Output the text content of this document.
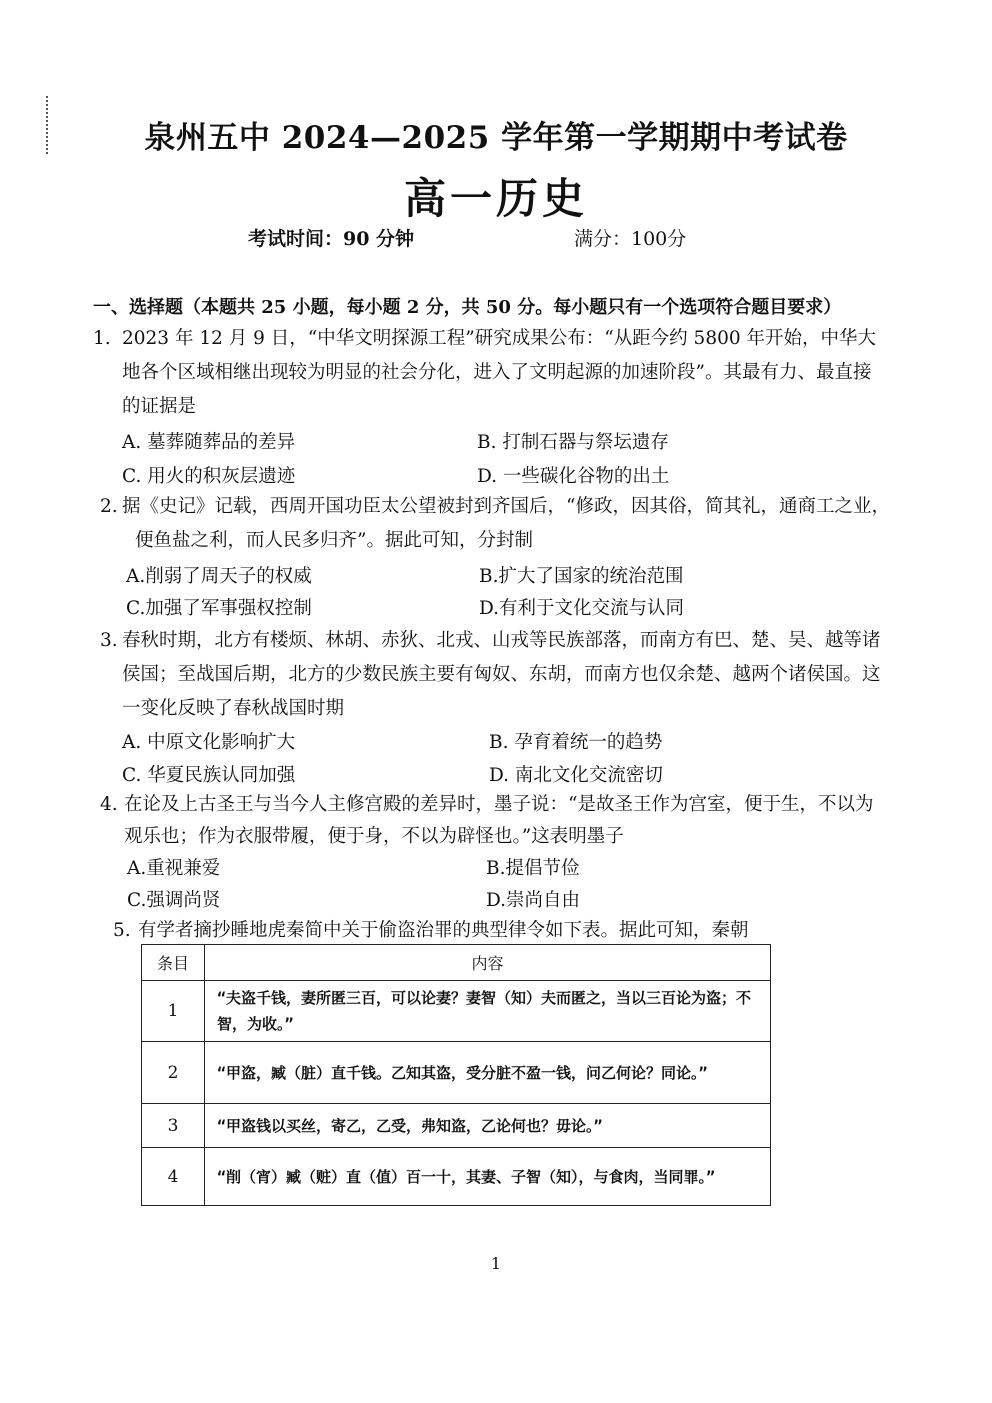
泉州五中 2024—2025 学年第一学期期中考试卷
高一历史
考试时间：90 分钟	满分：100分
一、选择题（本题共 25 小题，每小题 2 分，共 50 分。每小题只有一个选项符合题目要求）
1. 2023 年 12 月 9 日，“中华文明探源工程”研究成果公布：“从距今约 5800 年开始，中华大
地各个区域相继出现较为明显的社会分化，进入了文明起源的加速阶段”。其最有力、最直接
的证据是
A. 墓葬随葬品的差异	B. 打制石器与祭坛遗存
C. 用火的积灰层遗迹	D. 一些碳化谷物的出土
2. 据《史记》记载，西周开国功臣太公望被封到齐国后，“修政，因其俗，简其礼，通商工之业，
便鱼盐之利，而人民多归齐”。据此可知，分封制
A.削弱了周天子的权威	B.扩大了国家的统治范围
C.加强了军事强权控制	D.有利于文化交流与认同
3. 春秋时期，北方有楼烦、林胡、赤狄、北戎、山戎等民族部落，而南方有巴、楚、吴、越等诸
侯国；至战国后期，北方的少数民族主要有匈奴、东胡，而南方也仅余楚、越两个诸侯国。这
一变化反映了春秋战国时期
A. 中原文化影响扩大	B. 孕育着统一的趋势
C. 华夏民族认同加强	D. 南北文化交流密切
4. 在论及上古圣王与当今人主修宫殿的差异时，墨子说：“是故圣王作为宫室，便于生，不以为
观乐也；作为衣服带履，便于身，不以为辟怪也。”这表明墨子
A.重视兼爱	B.提倡节俭
C.强调尚贤	D.崇尚自由
5. 有学者摘抄睡地虎秦简中关于偷盗治罪的典型律令如下表。据此可知，秦朝
条目	内容
1	“夫盗千钱，妻所匿三百，可以论妻？妻智（知）夫而匿之，当以三百论为盗；不智，为收。”
2	“甲盗，臧（脏）直千钱。乙知其盗，受分脏不盈一钱，问乙何论？同论。”
3	“甲盗钱以买丝，寄乙，乙受，弗知盗，乙论何也？毋论。”
4	“削（宵）臧（赃）直（值）百一十，其妻、子智（知），与食肉，当同罪。”
1
